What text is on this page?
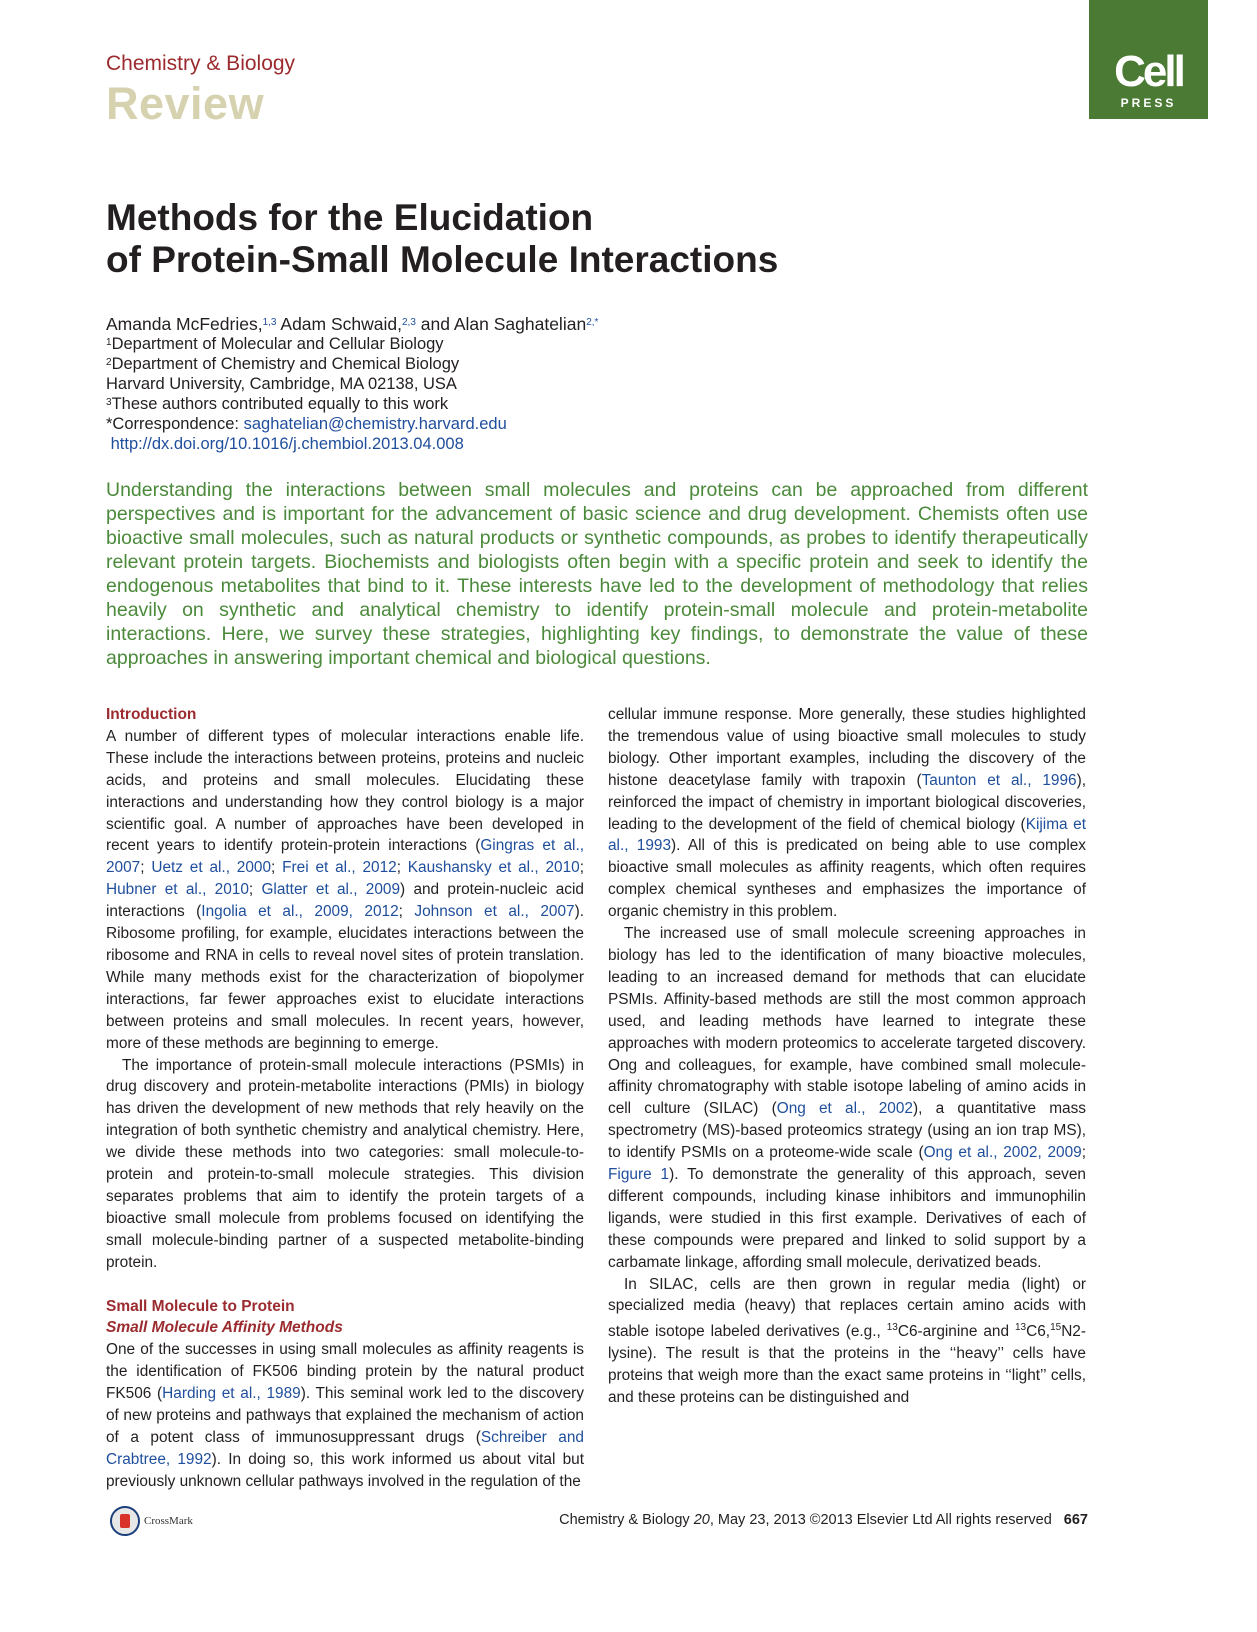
Chemistry & Biology
Review
Cell
PRESS
Methods for the Elucidation
of Protein-Small Molecule Interactions
Amanda McFedries,$^{1,3}$ Adam Schwaid,$^{2,3}$ and Alan Saghatelian$^{2,*}$
$^1$Department of Molecular and Cellular Biology
$^2$Department of Chemistry and Chemical Biology
Harvard University, Cambridge, MA 02138, USA
$^3$These authors contributed equally to this work
*Correspondence: saghatelian@chemistry.harvard.edu
http://dx.doi.org/10.1016/j.chembiol.2013.04.008

Understanding the interactions between small molecules and proteins can be approached from different perspectives and is important for the advancement of basic science and drug development. Chemists often use bioactive small molecules, such as natural products or synthetic compounds, as probes to identify therapeutically relevant protein targets. Biochemists and biologists often begin with a specific protein and seek to identify the endogenous metabolites that bind to it. These interests have led to the development of methodology that relies heavily on synthetic and analytical chemistry to identify protein-small molecule and protein-metabolite interactions. Here, we survey these strategies, highlighting key findings, to demonstrate the value of these approaches in answering important chemical and biological questions.

Introduction

A number of different types of molecular interactions enable life. These include the interactions between proteins, proteins and nucleic acids, and proteins and small molecules. Elucidating these interactions and understanding how they control biology is a major scientific goal. A number of approaches have been developed in recent years to identify protein-protein interactions (Gingras et al., 2007; Uetz et al., 2000; Frei et al., 2012; Kaushansky et al., 2010; Hubner et al., 2010; Glatter et al., 2009) and protein-nucleic acid interactions (Ingolia et al., 2009, 2012; Johnson et al., 2007). Ribosome profiling, for example, elucidates interactions between the ribosome and RNA in cells to reveal novel sites of protein translation. While many methods exist for the characterization of biopolymer interactions, far fewer approaches exist to elucidate interactions between proteins and small molecules. In recent years, however, more of these methods are beginning to emerge.

The importance of protein-small molecule interactions (PSMIs) in drug discovery and protein-metabolite interactions (PMIs) in biology has driven the development of new methods that rely heavily on the integration of both synthetic chemistry and analytical chemistry. Here, we divide these methods into two categories: small molecule-to-protein and protein-to-small molecule strategies. This division separates problems that aim to identify the protein targets of a bioactive small molecule from problems focused on identifying the small molecule-binding partner of a suspected metabolite-binding protein.

Small Molecule to Protein
Small Molecule Affinity Methods

One of the successes in using small molecules as affinity reagents is the identification of FK506 binding protein by the natural product FK506 (Harding et al., 1989). This seminal work led to the discovery of new proteins and pathways that explained the mechanism of action of a potent class of immunosuppressant drugs (Schreiber and Crabtree, 1992). In doing so, this work informed us about vital but previously unknown cellular pathways involved in the regulation of the

cellular immune response. More generally, these studies highlighted the tremendous value of using bioactive small molecules to study biology. Other important examples, including the discovery of the histone deacetylase family with trapoxin (Taunton et al., 1996), reinforced the impact of chemistry in important biological discoveries, leading to the development of the field of chemical biology (Kijima et al., 1993). All of this is predicated on being able to use complex bioactive small molecules as affinity reagents, which often requires complex chemical syntheses and emphasizes the importance of organic chemistry in this problem.

The increased use of small molecule screening approaches in biology has led to the identification of many bioactive molecules, leading to an increased demand for methods that can elucidate PSMIs. Affinity-based methods are still the most common approach used, and leading methods have learned to integrate these approaches with modern proteomics to accelerate targeted discovery. Ong and colleagues, for example, have combined small molecule-affinity chromatography with stable isotope labeling of amino acids in cell culture (SILAC) (Ong et al., 2002), a quantitative mass spectrometry (MS)-based proteomics strategy (using an ion trap MS), to identify PSMIs on a proteome-wide scale (Ong et al., 2002, 2009; Figure 1). To demonstrate the generality of this approach, seven different compounds, including kinase inhibitors and immunophilin ligands, were studied in this first example. Derivatives of each of these compounds were prepared and linked to solid support by a carbamate linkage, affording small molecule, derivatized beads.

In SILAC, cells are then grown in regular media (light) or specialized media (heavy) that replaces certain amino acids with stable isotope labeled derivatives (e.g., $^{13}$C6-arginine and $^{13}$C6,15N2-lysine). The result is that the proteins in the ‘‘heavy’’ cells have proteins that weigh more than the exact same proteins in ‘‘light’’ cells, and these proteins can be distinguished and

CrossMark	Chemistry & Biology 20, May 23, 2013 ©2013 Elsevier Ltd All rights reserved 667
